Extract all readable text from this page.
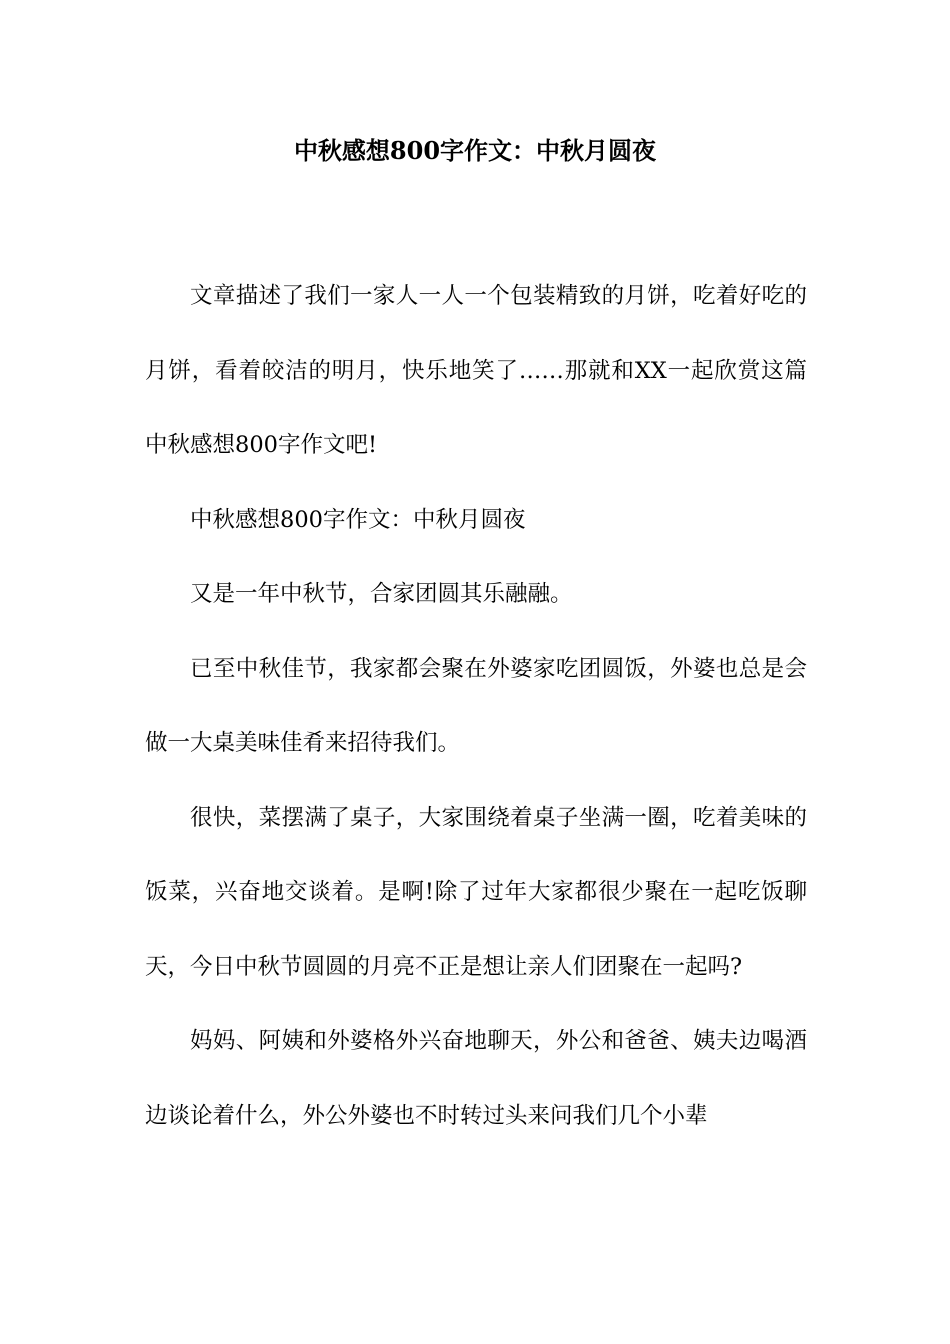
中秋感想800字作文：中秋月圆夜

文章描述了我们一家人一人一个包装精致的月饼，吃着好吃的月饼，看着皎洁的明月，快乐地笑了……那就和XX一起欣赏这篇中秋感想800字作文吧!

中秋感想800字作文：中秋月圆夜

又是一年中秋节，合家团圆其乐融融。

已至中秋佳节，我家都会聚在外婆家吃团圆饭，外婆也总是会做一大桌美味佳肴来招待我们。

很快，菜摆满了桌子，大家围绕着桌子坐满一圈，吃着美味的饭菜，兴奋地交谈着。是啊!除了过年大家都很少聚在一起吃饭聊天，今日中秋节圆圆的月亮不正是想让亲人们团聚在一起吗?

妈妈、阿姨和外婆格外兴奋地聊天，外公和爸爸、姨夫边喝酒边谈论着什么，外公外婆也不时转过头来问我们几个小辈
